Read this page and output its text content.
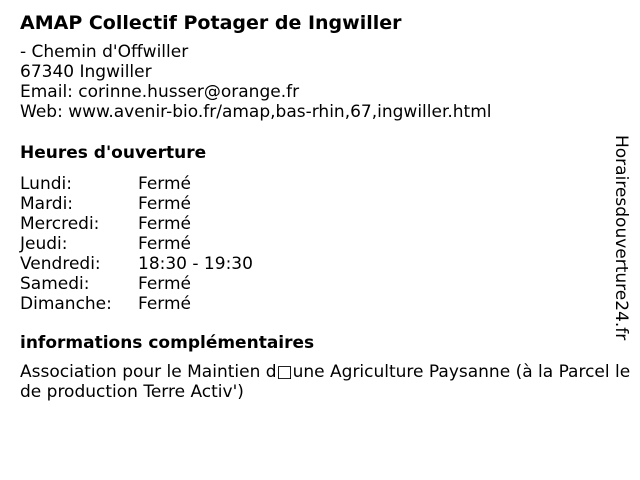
AMAP Collectif Potager de Ingwiller
- Chemin d'Offwiller
67340 Ingwiller
Email: corinne.husser@orange.fr
Web: www.avenir-bio.fr/amap,bas-rhin,67,ingwiller.html
Heures d'ouverture
Lundi:	Fermé
Mardi:	Fermé
Mercredi:	Fermé
Jeudi:	Fermé
Vendredi:	18:30 - 19:30
Samedi:	Fermé
Dimanche:	Fermé
informations complémentaires
Association pour le Maintien d□une Agriculture Paysanne (à la Parcel le de production Terre Activ')
Horairesdouverture24.fr
